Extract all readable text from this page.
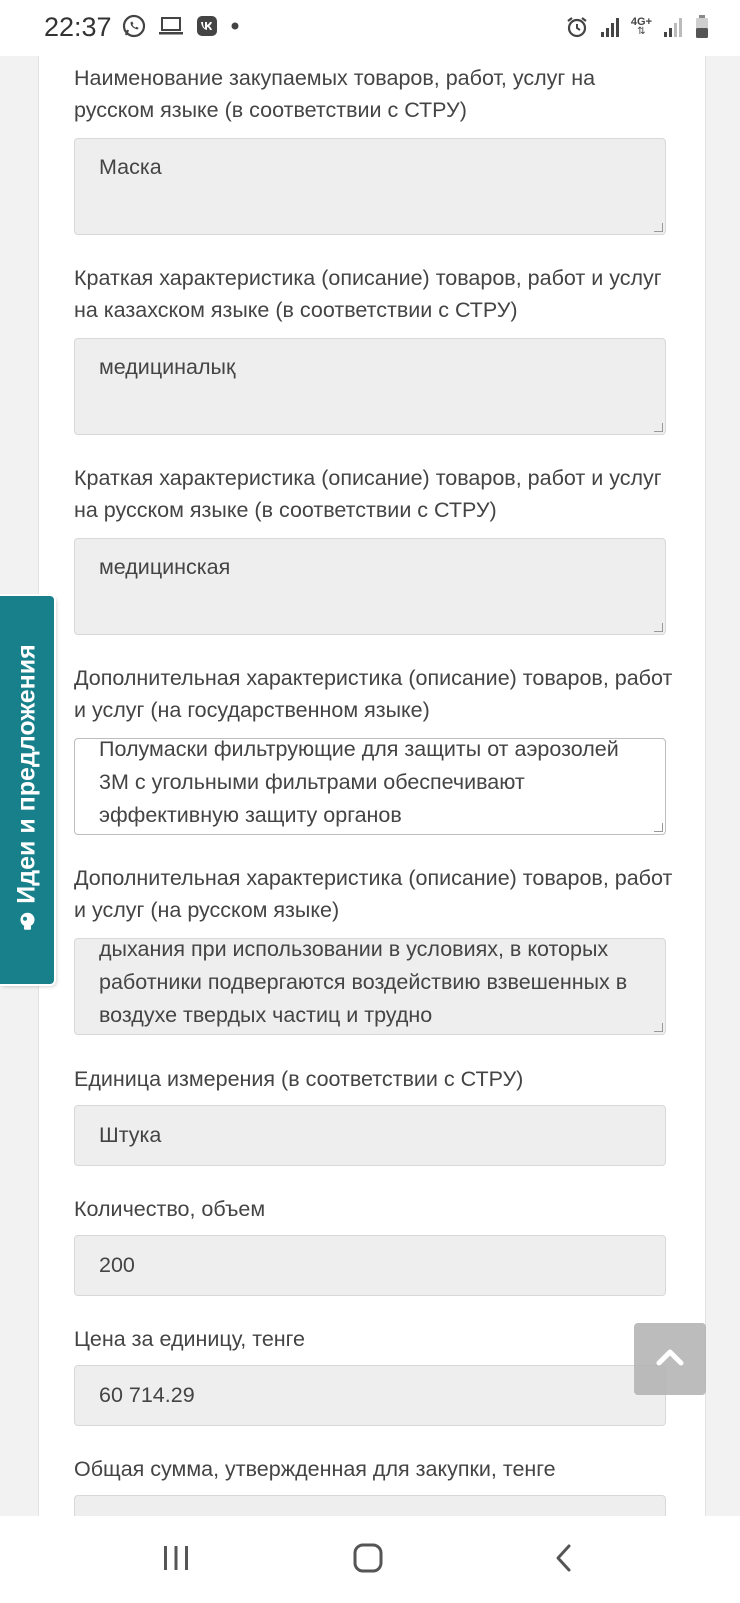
22:37	4G+
⇅
Наименование закупаемых товаров, работ, услуг на русском языке (в соответствии с СТРУ)
Маска
Краткая характеристика (описание) товаров, работ и услуг на казахском языке (в соответствии с СТРУ)
медициналық
Краткая характеристика (описание) товаров, работ и услуг на русском языке (в соответствии с СТРУ)
медицинская
Дополнительная характеристика (описание) товаров, работ и услуг (на государственном языке)
Полумаски фильтрующие для защиты от аэрозолей 3М с угольными фильтрами обеспечивают эффективную защиту органов
Дополнительная характеристика (описание) товаров, работ и услуг (на русском языке)
дыхания при использовании в условиях, в которых работники подвергаются воздействию взвешенных в воздухе твердых частиц и трудно
Единица измерения (в соответствии с СТРУ)
Штука
Количество, объем
200
Цена за единицу, тенге
60 714.29
Общая сумма, утвержденная для закупки, тенге
Идеи и предложения
